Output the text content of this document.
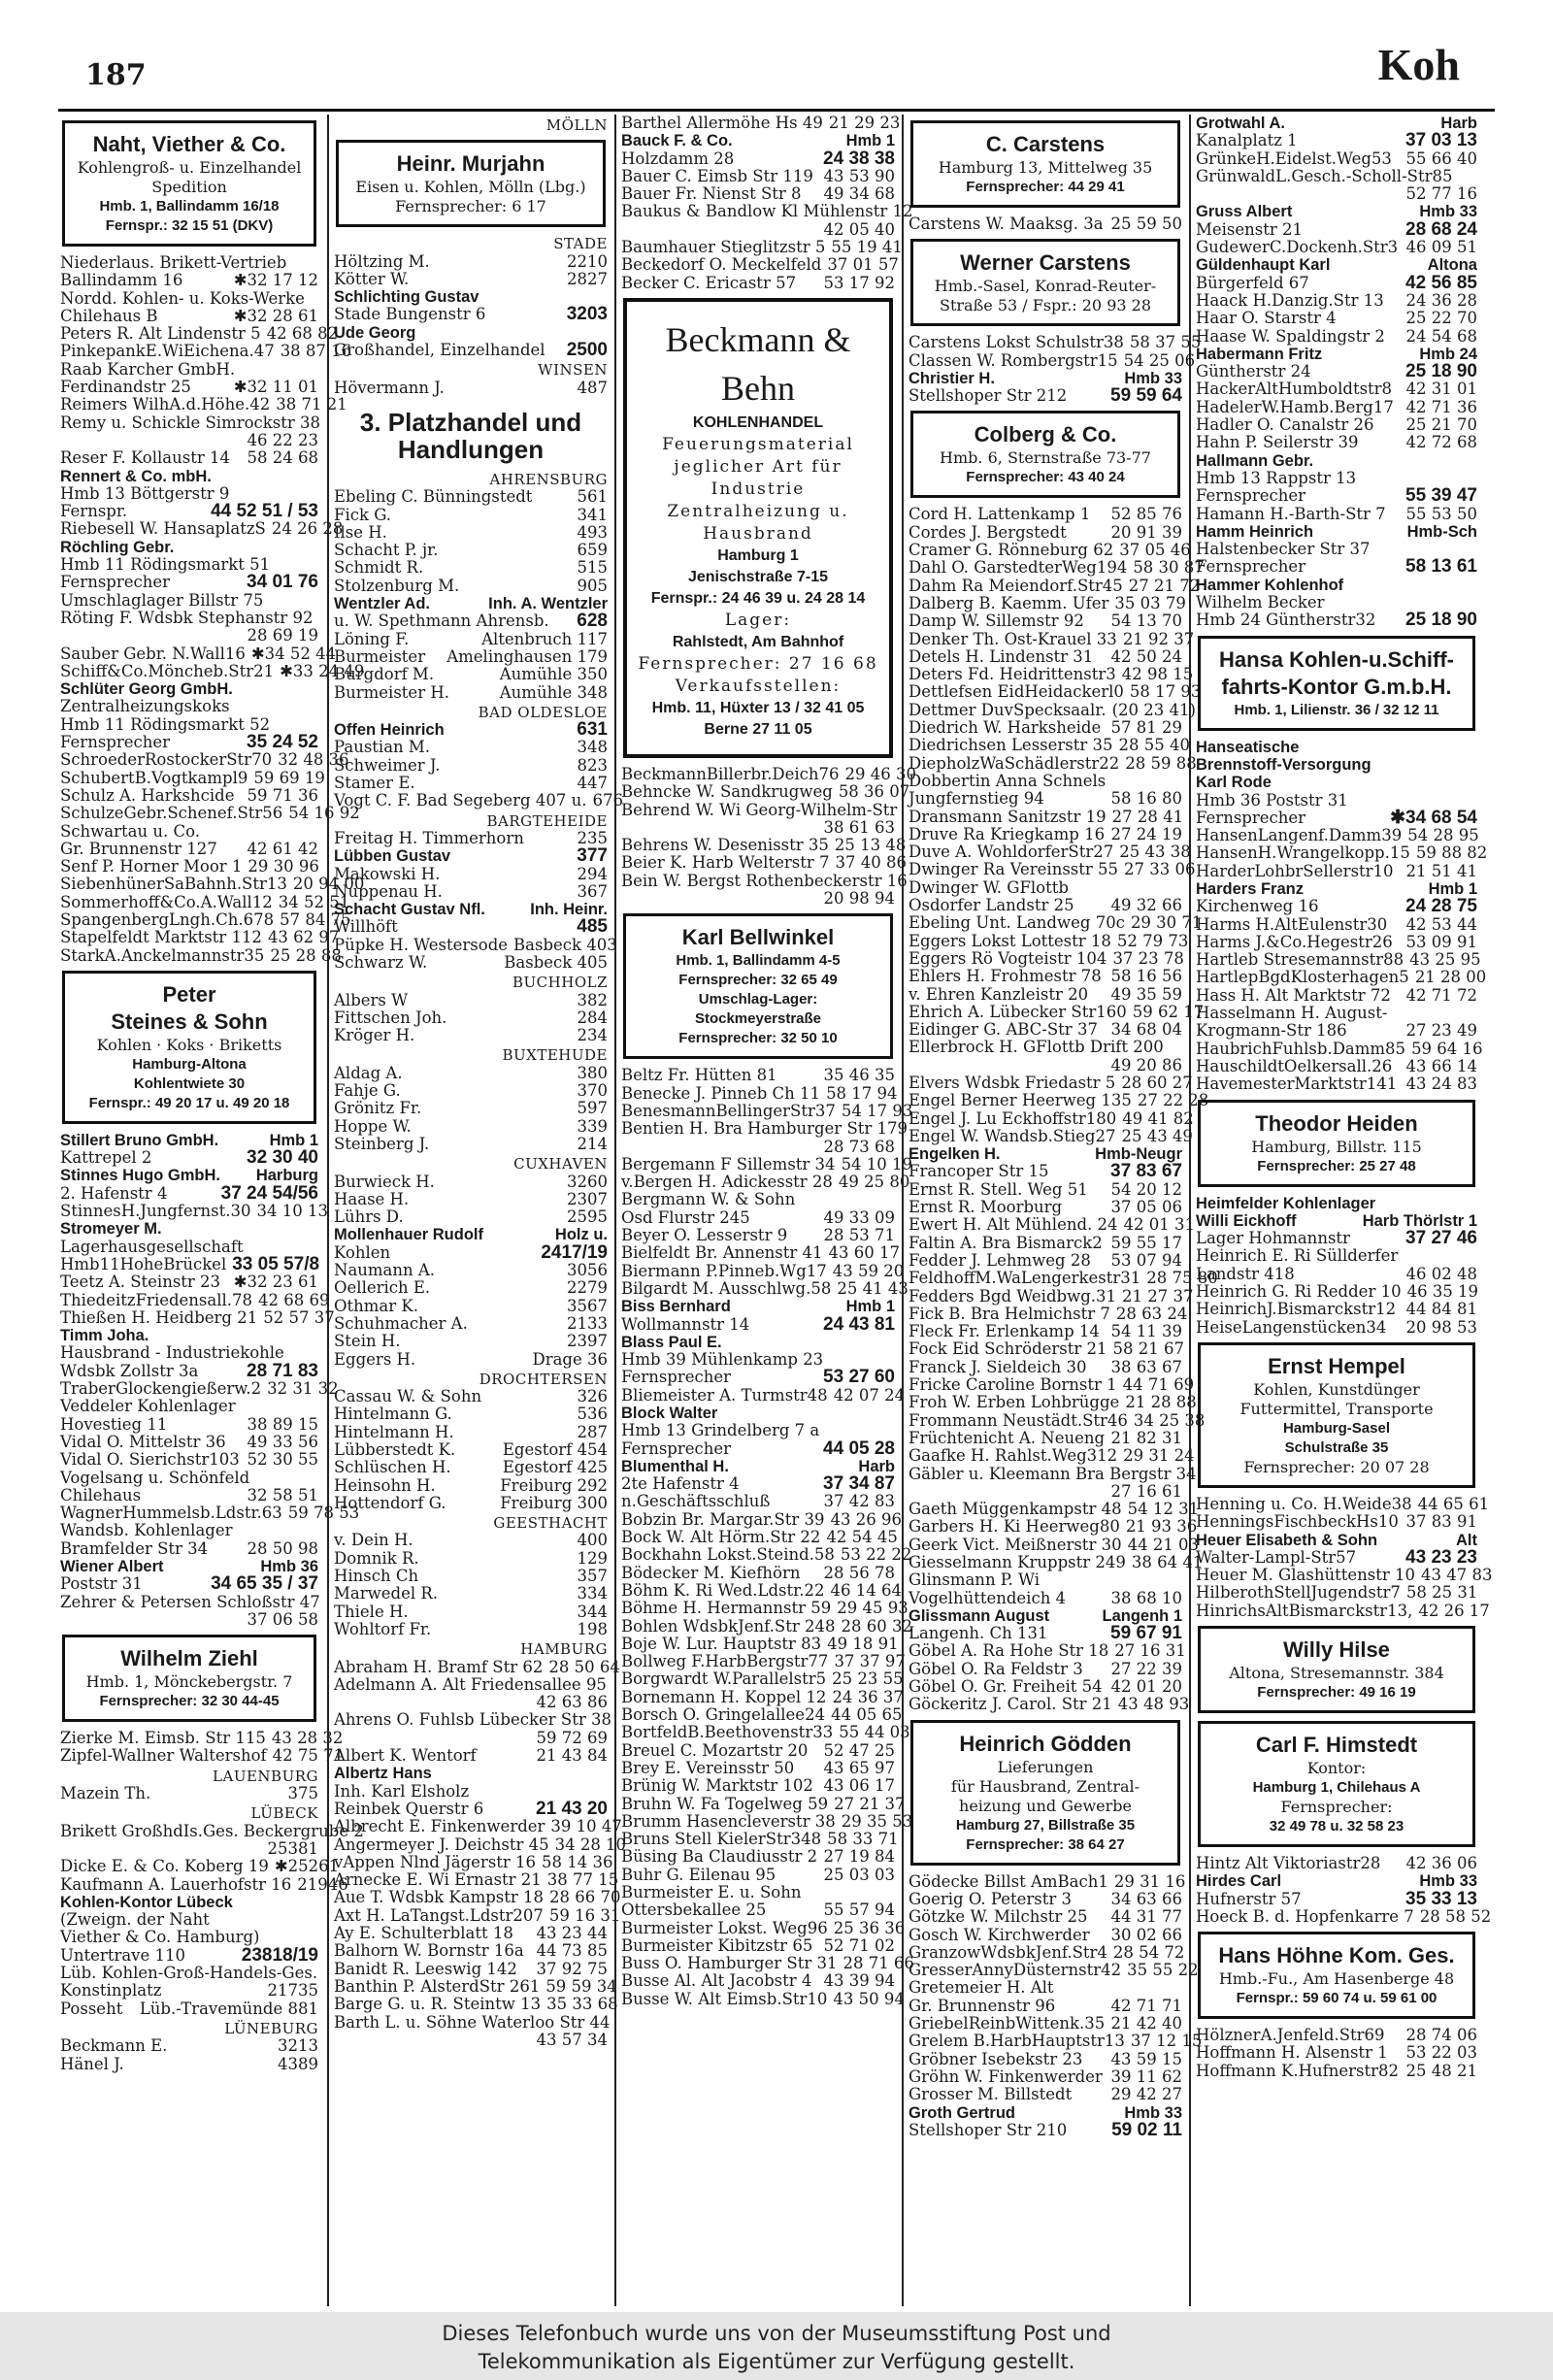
187	Koh
Naht, Viether & Co.
Kohlengroß- u. Einzelhandel
Spedition
Hmb. 1, Ballindamm 16/18
Fernspr.: 32 15 51 (DKV)
Niederlaus. Brikett-Vertrieb
Ballindamm 16	✱32 17 12
Nordd. Kohlen- u. Koks-Werke
Chilehaus B	✱32 28 61
Peters R. Alt Lindenstr 5 42 68 82
PinkepankE.WiEichena.47 38 87 16
Raab Karcher GmbH.
Ferdinandstr 25	✱32 11 01
Reimers WilhA.d.Höhe.42 38 71 21
Remy u. Schickle Simrockstr 38
46 22 23
Reser F. Kollaustr 14 58 24 68
Rennert & Co. mbH.
Hmb 13 Böttgerstr 9
Fernspr.	44 52 51 / 53
Riebesell W. HansaplatzS 24 26 28
Röchling Gebr.
Hmb 11 Rödingsmarkt 51
Fernsprecher	34 01 76
Umschlaglager Billstr 75
Röting F. Wdsbk Stephanstr 92
28 69 19
Sauber Gebr. N.Wall16 ✱34 52 44
Schiff&Co.Möncheb.Str21 ✱33 24 49
Schlüter Georg GmbH.
Zentralheizungskoks
Hmb 11 Rödingsmarkt 52
Fernsprecher	35 24 52
SchroederRostockerStr70 32 48 36
SchubertB.Vogtkampl9 59 69 19
Schulz A. Harkshcide 59 71 36
SchulzeGebr.Schenef.Str56 54 16 92
Schwartau u. Co.
Gr. Brunnenstr 127 42 61 42
Senf P. Horner Moor 1 29 30 96
SiebenhünerSaBahnh.Str13 20 94 00
Sommerhoff&Co.A.Wall12 34 52 51
SpangenbergLngh.Ch.678 57 84 75
Stapelfeldt Marktstr 112 43 62 97
StarkA.Anckelmannstr35 25 28 88
Peter
Steines & Sohn
Kohlen · Koks · Briketts
Hamburg-Altona
Kohlentwiete 30
Fernspr.: 49 20 17 u. 49 20 18
Stillert Bruno GmbH.	Hmb 1
Kattrepel 2	32 30 40
Stinnes Hugo GmbH. Harburg
2. Hafenstr 4	37 24 54/56
StinnesH.Jungfernst.30 34 10 13
Stromeyer M.
Lagerhausgesellschaft
Hmb11HoheBrückel 33 05 57/8
Teetz A. Steinstr 23 ✱32 23 61
ThiedeitzFriedensall.78 42 68 69
Thießen H. Heidberg 21 52 57 37
Timm Joha.
Hausbrand - Industriekohle
Wdsbk Zollstr 3a	28 71 83
TraberGlockengießerw.2 32 31 32
Veddeler Kohlenlager
Hovestieg 11	38 89 15
Vidal O. Mittelstr 36 49 33 56
Vidal O. Sierichstr103 52 30 55
Vogelsang u. Schönfeld
Chilehaus	32 58 51
WagnerHummelsb.Ldstr.63 59 78 53
Wandsb. Kohlenlager
Bramfelder Str 34 28 50 98
Wiener Albert	Hmb 36
Poststr 31	34 65 35 / 37
Zehrer & Petersen Schloßstr 47
37 06 58
Wilhelm Ziehl
Hmb. 1, Mönckebergstr. 7
Fernsprecher: 32 30 44-45
Zierke M. Eimsb. Str 115 43 28 32
Zipfel-Wallner Waltershof 42 75 71
LAUENBURG
Mazein Th.	375
LÜBECK
Brikett GroßhdIs.Ges. Beckergrube 2
25381
Dicke E. & Co. Koberg 19 ✱25261
Kaufmann A. Lauerhofstr 16 21946
Kohlen-Kontor Lübeck
(Zweign. der Naht
Viether & Co. Hamburg)
Untertrave 110	23818/19
Lüb. Kohlen-Groß-Handels-Ges.
Konstinplatz	21735
Posseht Lüb.-Travemünde 881
LÜNEBURG
Beckmann E.	3213
Hänel J.	4389
MÖLLN
Heinr. Murjahn
Eisen u. Kohlen, Mölln (Lbg.)
Fernsprecher: 6 17
STADE
Höltzing M.	2210
Kötter W.	2827
Schlichting Gustav
Stade Bungenstr 6	3203
Ude Georg
Großhandel, Einzelhandel 2500
WINSEN
Hövermann J.	487
3. Platzhandel und Handlungen
AHRENSBURG
Ebeling C. Bünningstedt	561
Fick G.	341
Ilse H.	493
Schacht P. jr.	659
Schmidt R.	515
Stolzenburg M.	905
Wentzler Ad.	Inh. A. Wentzler
u. W. Spethmann Ahrensb. 628
Löning F.	Altenbruch 117
Burmeister Amelinghausen 179
Burgdorf M.	Aumühle 350
Burmeister H.	Aumühle 348
BAD OLDESLOE
Offen Heinrich	631
Paustian M.	348
Schweimer J.	823
Stamer E.	447
Vogt C. F. Bad Segeberg 407 u. 676
BARGTEHEIDE
Freitag H. Timmerhorn	235
Lübben Gustav	377
Makowski H.	294
Nuppenau H.	367
Schacht Gustav Nfl.	Inh. Heinr.
Willhöft	485
Püpke H. Westersode Basbeck 403
Schwarz W.	Basbeck 405
BUCHHOLZ
Albers W	382
Fittschen Joh.	284
Kröger H.	234
BUXTEHUDE
Aldag A.	380
Fahje G.	370
Grönitz Fr.	597
Hoppe W.	339
Steinberg J.	214
CUXHAVEN
Burwieck H.	3260
Haase H.	2307
Lührs D.	2595
Mollenhauer Rudolf	Holz u.
Kohlen	2417/19
Naumann A.	3056
Oellerich E.	2279
Othmar K.	3567
Schuhmacher A.	2133
Stein H.	2397
Eggers H.	Drage 36
DROCHTERSEN
Cassau W. & Sohn	326
Hintelmann G.	536
Hintelmann H.	287
Lübberstedt K.	Egestorf 454
Schlüschen H.	Egestorf 425
Heinsohn H.	Freiburg 292
Hottendorf G.	Freiburg 300
GEESTHACHT
v. Dein H.	400
Domnik R.	129
Hinsch Ch	357
Marwedel R.	334
Thiele H.	344
Wohltorf Fr.	198
HAMBURG
Abraham H. Bramf Str 62 28 50 64
Adelmann A. Alt Friedensallee 95
42 63 86
Ahrens O. Fuhlsb Lübecker Str 38
59 72 69
Albert K. Wentorf	21 43 84
Albertz Hans
Inh. Karl Elsholz
Reinbek Querstr 6	21 43 20
Albrecht E. Finkenwerder 39 10 47
Angermeyer J. Deichstr 45 34 28 10
vAppen Nlnd Jägerstr 16 58 14 36
Arnecke E. Wi Ernastr 21 38 77 15
Aue T. Wdsbk Kampstr 18 28 66 70
Axt H. LaTangst.Ldstr207 59 16 31
Ay E. Schulterblatt 18 43 23 44
Balhorn W. Bornstr 16a 44 73 85
Banidt R. Leeswig 142 37 92 75
Banthin P. AlsterdStr 261 59 59 34
Barge G. u. R. Steintw 13 35 33 68
Barth L. u. Söhne Waterloo Str 44
43 57 34
Barthel Allermöhe Hs 49 21 29 23
Bauck F. & Co.	Hmb 1
Holzdamm 28	24 38 38
Bauer C. Eimsb Str 119 43 53 90
Bauer Fr. Nienst Str 8 49 34 68
Baukus & Bandlow Kl Mühlenstr 12
42 05 40
Baumhauer Stieglitzstr 5 55 19 41
Beckedorf O. Meckelfeld 37 01 57
Becker C. Ericastr 57 53 17 92
Beckmann & Behn
KOHLENHANDEL
Feuerungsmaterial
jeglicher Art für Industrie
Zentralheizung u. Hausbrand
Hamburg 1
Jenischstraße 7-15
Fernspr.: 24 46 39 u. 24 28 14
Lager:
Rahlstedt, Am Bahnhof
Fernsprecher: 27 16 68
Verkaufsstellen:
Hmb. 11, Hüxter 13 / 32 41 05
Berne 27 11 05
BeckmannBillerbr.Deich76 29 46 30
Behncke W. Sandkrugweg 58 36 07
Behrend W. Wi Georg-Wilhelm-Str
38 61 63
Behrens W. Desenisstr 35 25 13 48
Beier K. Harb Welterstr 7 37 40 86
Bein W. Bergst Rothenbeckerstr 16
20 98 94
Karl Bellwinkel
Hmb. 1, Ballindamm 4-5
Fernsprecher: 32 65 49
Umschlag-Lager:
Stockmeyerstraße
Fernsprecher: 32 50 10
Beltz Fr. Hütten 81	35 46 35
Benecke J. Pinneb Ch 11 58 17 94
BenesmannBellingerStr37 54 17 93
Bentien H. Bra Hamburger Str 179
28 73 68
Bergemann F Sillemstr 34 54 10 19
v.Bergen H. Adickesstr 28 49 25 80
Bergmann W. & Sohn
Osd Flurstr 245	49 33 09
Beyer O. Lesserstr 9 28 53 71
Bielfeldt Br. Annenstr 41 43 60 17
Biermann P.Pinneb.Wg17 43 59 20
Bilgardt M. Ausschlwg.58 25 41 43
Biss Bernhard	Hmb 1
Wollmannstr 14	24 43 81
Blass Paul E.
Hmb 39 Mühlenkamp 23
Fernsprecher	53 27 60
Bliemeister A. Turmstr48 42 07 24
Block Walter
Hmb 13 Grindelberg 7 a
Fernsprecher	44 05 28
Blumenthal H.	Harb
2te Hafenstr 4	37 34 87
n.Geschäftsschluß	37 42 83
Bobzin Br. Margar.Str 39 43 26 96
Bock W. Alt Hörm.Str 22 42 54 45
Bockhahn Lokst.Steind.58 53 22 22
Bödecker M. Kiefhörn 28 56 78
Böhm K. Ri Wed.Ldstr.22 46 14 64
Böhme H. Hermannstr 59 29 45 93
Bohlen WdsbkJenf.Str 248 28 60 32
Boje W. Lur. Hauptstr 83 49 18 91
Bollweg F.HarbBergstr77 37 37 97
Borgwardt W.Parallelstr5 25 23 55
Bornemann H. Koppel 12 24 36 37
Borsch O. Gringelallee24 44 05 65
BortfeldB.Beethovenstr33 55 44 03
Breuel C. Mozartstr 20 52 47 25
Brey E. Vereinsstr 50 43 65 97
Brünig W. Marktstr 102 43 06 17
Bruhn W. Fa Togelweg 59 27 21 37
Brumm Hasencleverstr 38 29 35 53
Bruns Stell KielerStr348 58 33 71
Büsing Ba Claudiusstr 2 27 19 84
Buhr G. Eilenau 95	25 03 03
Burmeister E. u. Sohn
Ottersbekallee 25	55 57 94
Burmeister Lokst. Weg96 25 36 36
Burmeister Kibitzstr 65 52 71 02
Buss O. Hamburger Str 31 28 71 66
Busse Al. Alt Jacobstr 4 43 39 94
Busse W. Alt Eimsb.Str10 43 50 94
C. Carstens
Hamburg 13, Mittelweg 35
Fernsprecher: 44 29 41
Carstens W. Maaksg. 3a 25 59 50
Werner Carstens
Hmb.-Sasel, Konrad-Reuter-
Straße 53 / Fspr.: 20 93 28
Carstens Lokst Schulstr38 58 37 55
Classen W. Rombergstr15 54 25 06
Christier H.	Hmb 33
Stellshoper Str 212 59 59 64
Colberg & Co.
Hmb. 6, Sternstraße 73-77
Fernsprecher: 43 40 24
Cord H. Lattenkamp 1 52 85 76
Cordes J. Bergstedt	20 91 39
Cramer G. Rönneburg 62 37 05 46
Dahl O. GarstedterWeg194 58 30 87
Dahm Ra Meiendorf.Str45 27 21 72
Dalberg B. Kaemm. Ufer 35 03 79
Damp W. Sillemstr 92 54 13 70
Denker Th. Ost-Krauel 33 21 92 37
Detels H. Lindenstr 31 42 50 24
Deters Fd. Heidrittenstr3 42 98 15
Dettlefsen EidHeidackerl0 58 17 93
Dettmer DuvSpecksaalr. (20 23 41)
Diedrich W. Harksheide 57 81 29
Diedrichsen Lesserstr 35 28 55 40
DiepholzWaSchädlerstr22 28 59 88
Dobbertin Anna Schnels
Jungfernstieg 94	58 16 80
Dransmann Sanitzstr 19 27 28 41
Druve Ra Kriegkamp 16 27 24 19
Duve A. WohldorferStr27 25 43 38
Dwinger Ra Vereinsstr 55 27 33 06
Dwinger W. GFlottb
Osdorfer Landstr 25 49 32 66
Ebeling Unt. Landweg 70c 29 30 71
Eggers Lokst Lottestr 18 52 79 73
Eggers Rö Vogteistr 104 37 23 78
Ehlers H. Frohmestr 78 58 16 56
v. Ehren Kanzleistr 20 49 35 59
Ehrich A. Lübecker Str160 59 62 17
Eidinger G. ABC-Str 37 34 68 04
Ellerbrock H. GFlottb Drift 200
49 20 86
Elvers Wdsbk Friedastr 5 28 60 27
Engel Berner Heerweg 135 27 22 28
Engel J. Lu Eckhoffstr180 49 41 82
Engel W. Wandsb.Stieg27 25 43 49
Engelken H.	Hmb-Neugr
Francoper Str 15	37 83 67
Ernst R. Stell. Weg 51 54 20 12
Ernst R. Moorburg	37 05 06
Ewert H. Alt Mühlend. 24 42 01 31
Faltin A. Bra Bismarck2 59 55 17
Fedder J. Lehmweg 28 53 07 94
FeldhoffM.WaLengerkestr31 28 75 80
Fedders Bgd Weidbwg.31 21 27 37
Fick B. Bra Helmichstr 7 28 63 24
Fleck Fr. Erlenkamp 14 54 11 39
Fock Eid Schröderstr 21 58 21 67
Franck J. Sieldeich 30 38 63 67
Fricke Caroline Bornstr 1 44 71 69
Froh W. Erben Lohbrügge 21 28 88
Frommann Neustädt.Str46 34 25 38
Früchtenicht A. Neueng 21 82 31
Gaafke H. Rahlst.Weg312 29 31 24
Gäbler u. Kleemann Bra Bergstr 34
27 16 61
Gaeth Müggenkampstr 48 54 12 31
Garbers H. Ki Heerweg80 21 93 36
Geerk Vict. Meißnerstr 30 44 21 03
Giesselmann Kruppstr 249 38 64 41
Glinsmann P. Wi
Vogelhüttendeich 4	38 68 10
Glissmann August	Langenh 1
Langenh. Ch 131	59 67 91
Göbel A. Ra Hohe Str 18 27 16 31
Göbel O. Ra Feldstr 3 27 22 39
Göbel O. Gr. Freiheit 54 42 01 20
Göckeritz J. Carol. Str 21 43 48 93
Heinrich Gödden
Lieferungen
für Hausbrand, Zentral-
heizung und Gewerbe
Hamburg 27, Billstraße 35
Fernsprecher: 38 64 27
Gödecke Billst AmBach1 29 31 16
Goerig O. Peterstr 3 34 63 66
Götzke W. Milchstr 25 44 31 77
Gosch W. Kirchwerder 30 02 66
GranzowWdsbkJenf.Str4 28 54 72
GresserAnnyDüsternstr42 35 55 22
Gretemeier H. Alt
Gr. Brunnenstr 96	42 71 71
GriebelReinbWittenk.35 21 42 40
Grelem B.HarbHauptstr13 37 12 15
Gröbner Isebekstr 23 43 59 15
Gröhn W. Finkenwerder 39 11 62
Grosser M. Billstedt 29 42 27
Groth Gertrud	Hmb 33
Stellshoper Str 210 59 02 11
Grotwahl A.	Harb
Kanalplatz 1	37 03 13
GrünkeH.Eidelst.Weg53 55 66 40
GrünwaldL.Gesch.-Scholl-Str85
52 77 16
Gruss Albert	Hmb 33
Meisenstr 21	28 68 24
GudewerC.Dockenh.Str3 46 09 51
Güldenhaupt Karl	Altona
Bürgerfeld 67	42 56 85
Haack H.Danzig.Str 13 24 36 28
Haar O. Starstr 4	25 22 70
Haase W. Spaldingstr 2 24 54 68
Habermann Fritz	Hmb 24
Güntherstr 24	25 18 90
HackerAltHumboldtstr8 42 31 01
HadelerW.Hamb.Berg17 42 71 36
Hadler O. Canalstr 26 25 21 70
Hahn P. Seilerstr 39	42 72 68
Hallmann Gebr.
Hmb 13 Rappstr 13
Fernsprecher	55 39 47
Hamann H.-Barth-Str 7 55 53 50
Hamm Heinrich	Hmb-Sch
Halstenbecker Str 37
Fernsprecher	58 13 61
Hammer Kohlenhof
Wilhelm Becker
Hmb 24 Güntherstr32 25 18 90
Hansa Kohlen-u.Schiff-
fahrts-Kontor G.m.b.H.
Hmb. 1, Lilienstr. 36 / 32 12 11
Hanseatische
Brennstoff-Versorgung
Karl Rode
Hmb 36 Poststr 31
Fernsprecher	✱34 68 54
HansenLangenf.Damm39 54 28 95
HansenH.Wrangelkopp.15 59 88 82
HarderLohbrSellerstr10 21 51 41
Harders Franz	Hmb 1
Kirchenweg 16	24 28 75
Harms H.AltEulenstr30 42 53 44
Harms J.&Co.Hegestr26 53 09 91
Hartleb Stresemannstr88 43 25 95
HartlepBgdKlosterhagen5 21 28 00
Hass H. Alt Marktstr 72 42 71 72
Hasselmann H. August-
Krogmann-Str 186	27 23 49
HaubrichFuhlsb.Damm85 59 64 16
HauschildtOelkersall.26 43 66 14
HavemesterMarktstr141 43 24 83
Theodor Heiden
Hamburg, Billstr. 115
Fernsprecher: 25 27 48
Heimfelder Kohlenlager
Willi Eickhoff	Harb Thörlstr 1
Lager Hohmannstr	37 27 46
Heinrich E. Ri Süllderfer
Landstr 418	46 02 48
Heinrich G. Ri Redder 10 46 35 19
HeinrichJ.Bismarckstr12 44 84 81
HeiseLangenstücken34 20 98 53
Ernst Hempel
Kohlen, Kunstdünger
Futtermittel, Transporte
Hamburg-Sasel
Schulstraße 35
Fernsprecher: 20 07 28
Henning u. Co. H.Weide38 44 65 61
HenningsFischbeckHs10 37 83 91
Heuer Elisabeth & Sohn	Alt
Walter-Lampl-Str57	43 23 23
Heuer M. Glashüttenstr 10 43 47 83
HilberothStellJugendstr7 58 25 31
HinrichsAltBismarckstr13, 42 26 17
Willy Hilse
Altona, Stresemannstr. 384
Fernsprecher: 49 16 19
Carl F. Himstedt
Kontor:
Hamburg 1, Chilehaus A
Fernsprecher:
32 49 78 u. 32 58 23
Hintz Alt Viktoriastr28 42 36 06
Hirdes Carl	Hmb 33
Hufnerstr 57	35 33 13
Hoeck B. d. Hopfenkarre 7 28 58 52
Hans Höhne Kom. Ges.
Hmb.-Fu., Am Hasenberge 48
Fernspr.: 59 60 74 u. 59 61 00
HölznerA.Jenfeld.Str69 28 74 06
Hoffmann H. Alsenstr 1 53 22 03
Hoffmann K.Hufnerstr82 25 48 21
Dieses Telefonbuch wurde uns von der Museumsstiftung Post und
Telekommunikation als Eigentümer zur Verfügung gestellt.
